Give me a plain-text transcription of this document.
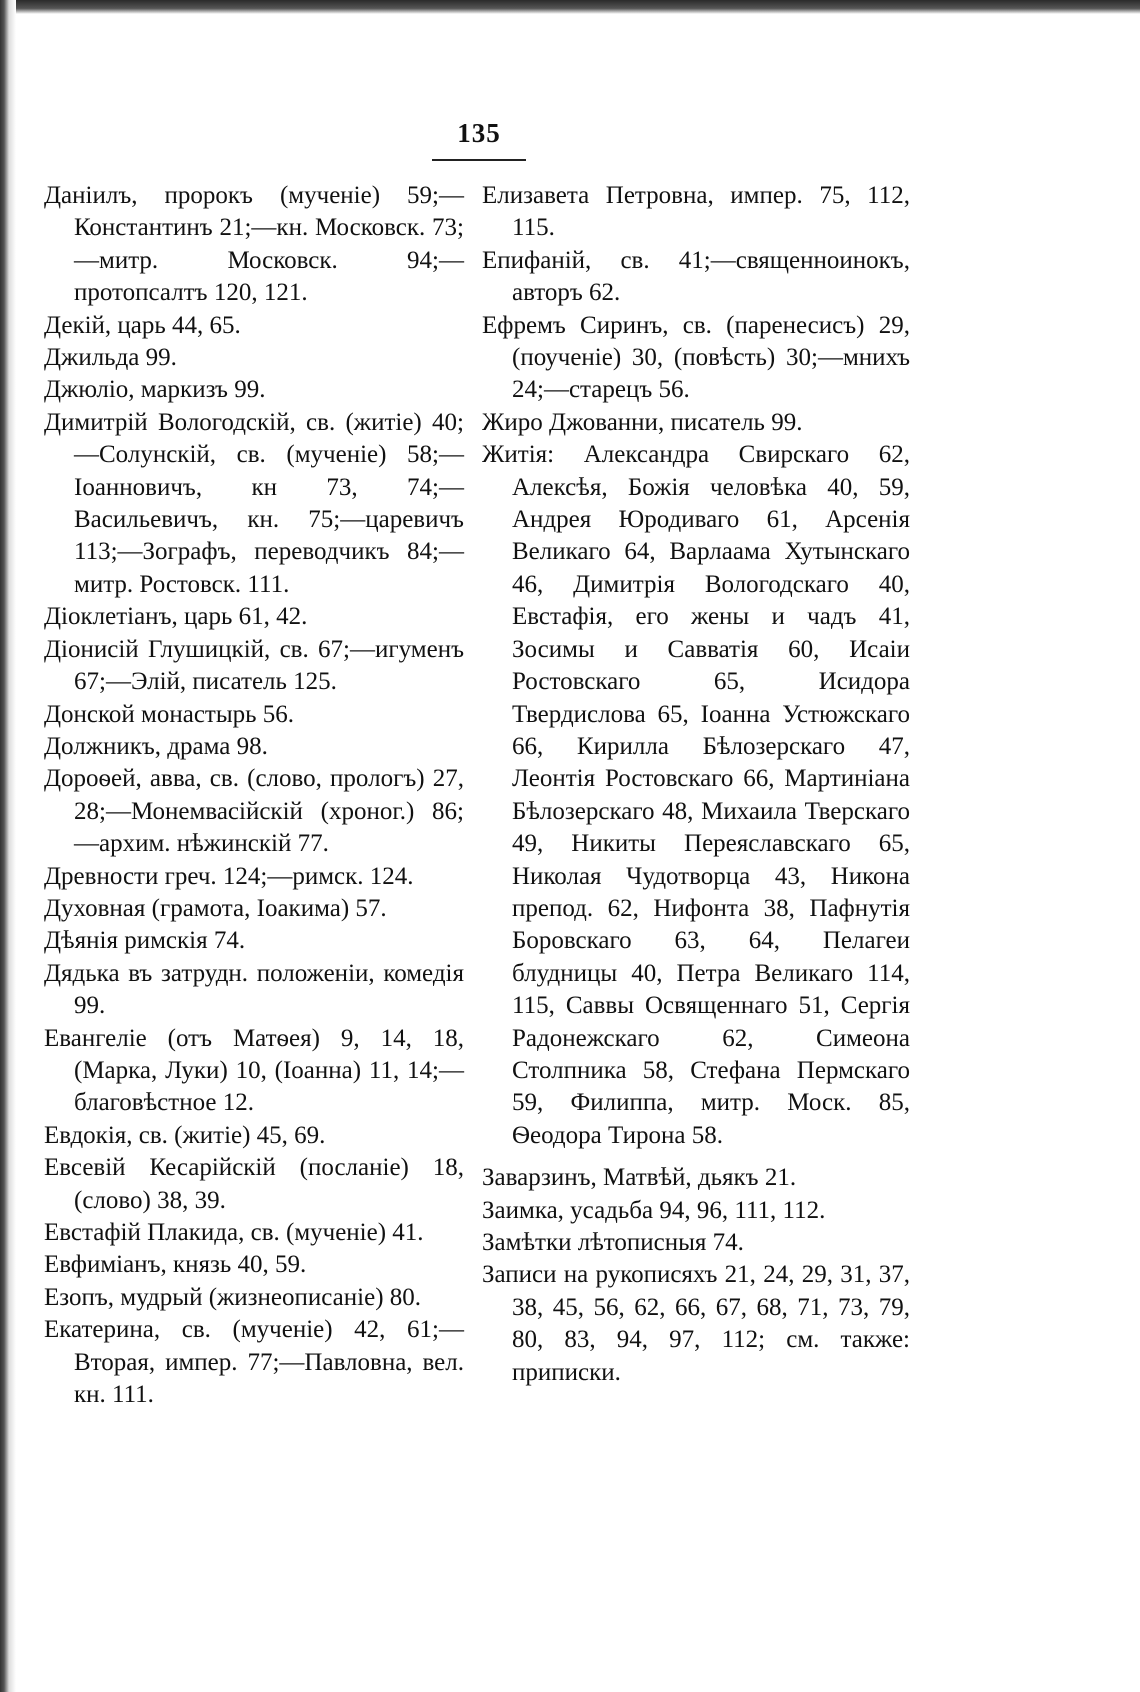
135

Даніилъ, пророкъ (мученіе) 59;—Константинъ 21;—кн. Московск. 73;—митр. Московск. 94;—протопсалтъ 120, 121.

Декій, царь 44, 65.

Джильда 99.

Джюліо, маркизъ 99.

Димитрій Вологодскій, св. (житіе) 40;—Солунскій, св. (мученіе) 58;—Іоанновичъ, кн 73, 74;—Васильевичъ, кн. 75;—царевичъ 113;—Зографъ, переводчикъ 84;—митр. Ростовск. 111.

Діоклетіанъ, царь 61, 42.

Діонисій Глушицкій, св. 67;—игуменъ 67;—Элій, писатель 125.

Донской монастырь 56.

Должникъ, драма 98.

Дороѳей, авва, св. (слово, прологъ) 27, 28;—Монемвасійскій (хроног.) 86;—архим. нѣжинскій 77.

Древности греч. 124;—римск. 124.

Духовная (грамота, Іоакима) 57.

Дѣянія римскія 74.

Дядька въ затрудн. положеніи, комедія 99.

Евангеліе (отъ Матѳея) 9, 14, 18, (Марка, Луки) 10, (Іоанна) 11, 14;—благовѣстное 12.

Евдокія, св. (житіе) 45, 69.

Евсевій Кесарійскій (посланіе) 18, (слово) 38, 39.

Евстафій Плакида, св. (мученіе) 41.

Евфиміанъ, князь 40, 59.

Езопъ, мудрый (жизнеописаніе) 80.

Екатерина, св. (мученіе) 42, 61;—Вторая, импер. 77;—Павловна, вел. кн. 111.

Елизавета Петровна, импер. 75, 112, 115.

Епифаній, св. 41;—священноинокъ, авторъ 62.

Ефремъ Сиринъ, св. (паренесисъ) 29, (поученіе) 30, (повѣсть) 30;—мнихъ 24;—старецъ 56.

Жиро Джованни, писатель 99.

Житія: Александра Свирскаго 62, Алексѣя, Божія человѣка 40, 59, Андрея Юродиваго 61, Арсенія Великаго 64, Варлаама Хутынскаго 46, Димитрія Вологодскаго 40, Евстафія, его жены и чадъ 41, Зосимы и Савватія 60, Исаіи Ростовскаго 65, Исидора Твердислова 65, Іоанна Устюжскаго 66, Кирилла Бѣлозерскаго 47, Леонтія Ростовскаго 66, Мартиніана Бѣлозерскаго 48, Михаила Тверскаго 49, Никиты Переяславскаго 65, Николая Чудотворца 43, Никона препод. 62, Нифонта 38, Пафнутія Боровскаго 63, 64, Пелагеи блудницы 40, Петра Великаго 114, 115, Саввы Освященнаго 51, Сергія Радонежскаго 62, Симеона Столпника 58, Стефана Пермскаго 59, Филиппа, митр. Моск. 85, Ѳеодора Тирона 58.

Заварзинъ, Матвѣй, дьякъ 21.

Заимка, усадьба 94, 96, 111, 112.

Замѣтки лѣтописныя 74.

Записи на рукописяхъ 21, 24, 29, 31, 37, 38, 45, 56, 62, 66, 67, 68, 71, 73, 79, 80, 83, 94, 97, 112; см. также: приписки.
